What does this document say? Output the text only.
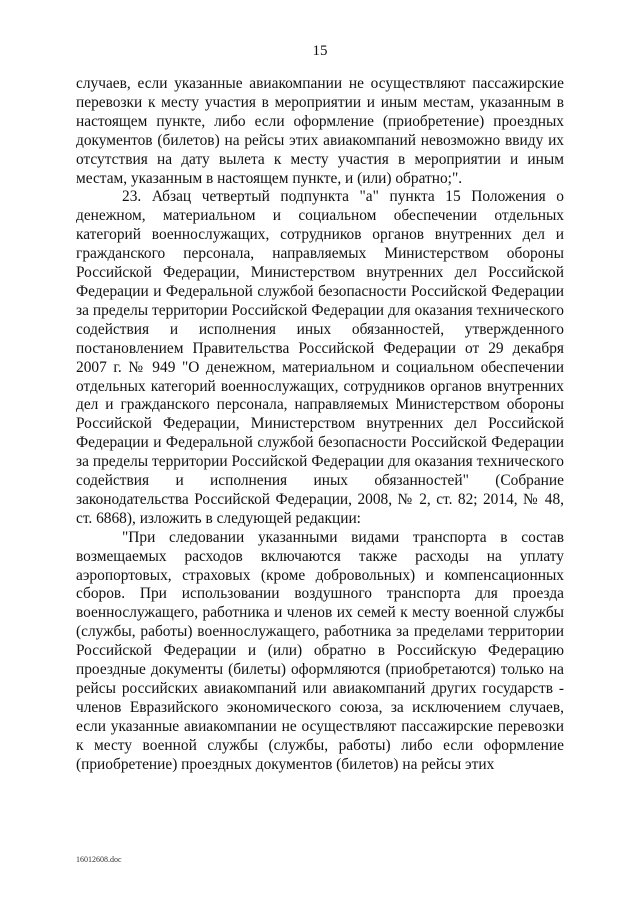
15

случаев, если указанные авиакомпании не осуществляют пассажирские перевозки к месту участия в мероприятии и иным местам, указанным в настоящем пункте, либо если оформление (приобретение) проездных документов (билетов) на рейсы этих авиакомпаний невозможно ввиду их отсутствия на дату вылета к месту участия в мероприятии и иным местам, указанным в настоящем пункте, и (или) обратно;".

23. Абзац четвертый подпункта "а" пункта 15 Положения о денежном, материальном и социальном обеспечении отдельных категорий военнослужащих, сотрудников органов внутренних дел и гражданского персонала, направляемых Министерством обороны Российской Федерации, Министерством внутренних дел Российской Федерации и Федеральной службой безопасности Российской Федерации за пределы территории Российской Федерации для оказания технического содействия и исполнения иных обязанностей, утвержденного постановлением Правительства Российской Федерации от 29 декабря 2007 г. № 949 "О денежном, материальном и социальном обеспечении отдельных категорий военнослужащих, сотрудников органов внутренних дел и гражданского персонала, направляемых Министерством обороны Российской Федерации, Министерством внутренних дел Российской Федерации и Федеральной службой безопасности Российской Федерации за пределы территории Российской Федерации для оказания технического содействия и исполнения иных обязанностей" (Собрание законодательства Российской Федерации, 2008, № 2, ст. 82; 2014, № 48, ст. 6868), изложить в следующей редакции:

"При следовании указанными видами транспорта в состав возмещаемых расходов включаются также расходы на уплату аэропортовых, страховых (кроме добровольных) и компенсационных сборов. При использовании воздушного транспорта для проезда военнослужащего, работника и членов их семей к месту военной службы (службы, работы) военнослужащего, работника за пределами территории Российской Федерации и (или) обратно в Российскую Федерацию проездные документы (билеты) оформляются (приобретаются) только на рейсы российских авиакомпаний или авиакомпаний других государств - членов Евразийского экономического союза, за исключением случаев, если указанные авиакомпании не осуществляют пассажирские перевозки к месту военной службы (службы, работы) либо если оформление (приобретение) проездных документов (билетов) на рейсы этих

16012608.doc
